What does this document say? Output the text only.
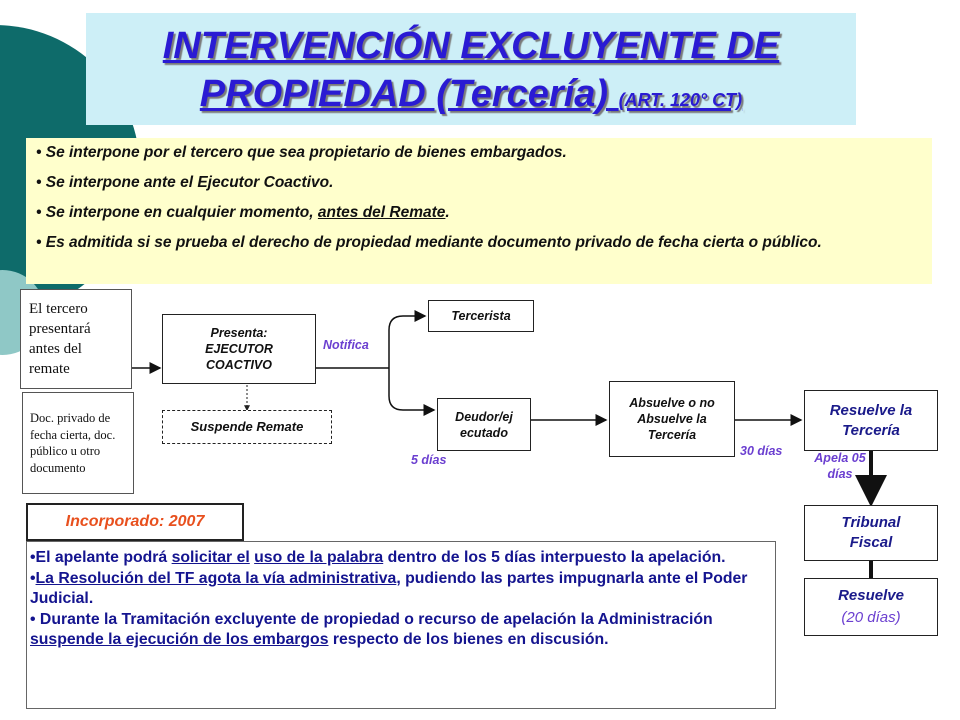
INTERVENCIÓN EXCLUYENTE DE
PROPIEDAD (Tercería) (ART. 120° CT)
• Se interpone por el tercero que sea propietario de bienes embargados.
• Se interpone ante el Ejecutor Coactivo.
• Se interpone en cualquier momento, antes del Remate.
• Es admitida si se prueba el derecho de propiedad mediante documento privado de fecha cierta o público.
El tercero presentará antes del remate
Doc. privado de fecha cierta, doc. público u otro documento
Presenta: EJECUTOR COACTIVO
Suspende Remate
Notifica
Tercerista
Deudor/ej ecutado
5 días
Absuelve o no Absuelve la Tercería
30 días
Resuelve la Tercería
Apela 05 días
Tribunal Fiscal
Resuelve
(20 días)
Incorporado: 2007

•El apelante podrá solicitar el uso de la palabra dentro de los 5 días interpuesto la apelación.

•La Resolución del TF agota la vía administrativa, pudiendo las partes impugnarla ante el Poder Judicial.

• Durante la Tramitación excluyente de propiedad o recurso de apelación la Administración suspende la ejecución de los embargos respecto de los bienes en discusión.
